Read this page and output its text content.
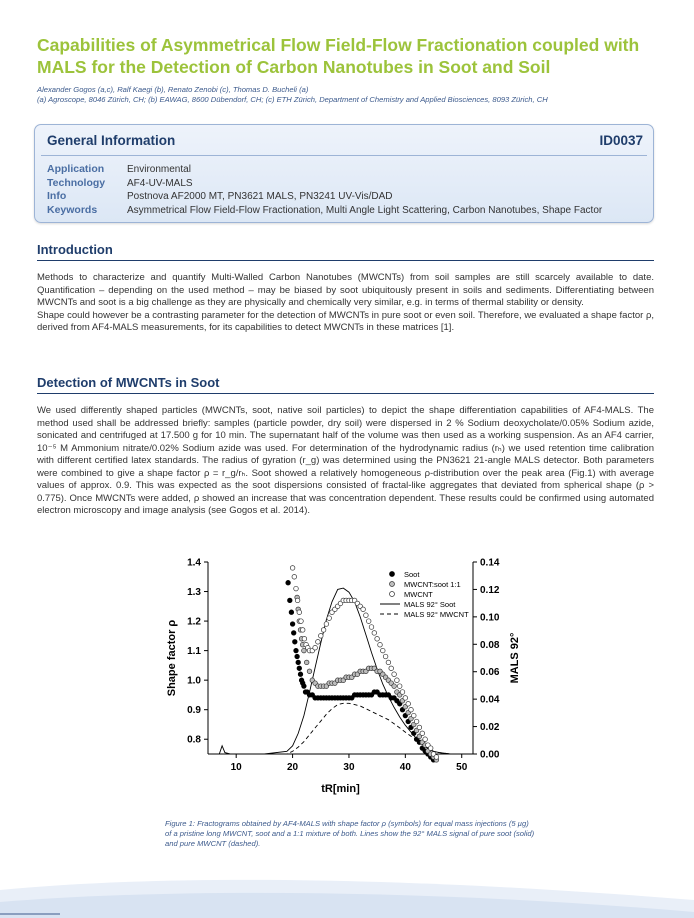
Capabilities of Asymmetrical Flow Field-Flow Fractionation coupled with MALS for the Detection of Carbon Nanotubes in Soot and Soil
Alexander Gogos (a,c), Ralf Kaegi (b), Renato Zenobi (c), Thomas D. Bucheli (a)
(a) Agroscope, 8046 Zürich, CH; (b) EAWAG, 8600 Dübendorf, CH; (c) ETH Zürich, Department of Chemistry and Applied Biosciences, 8093 Zürich, CH
General Information	ID0037
Application Environmental
Technology AF4-UV-MALS
Info	Postnova AF2000 MT, PN3621 MALS, PN3241 UV-Vis/DAD
Keywords	Asymmetrical Flow Field-Flow Fractionation, Multi Angle Light Scattering, Carbon Nanotubes, Shape Factor
Introduction

Methods to characterize and quantify Multi-Walled Carbon Nanotubes (MWCNTs) from soil samples are still scarcely available to date. Quantification – depending on the used method – may be biased by soot ubiquitously present in soils and sediments. Differentiating between MWCNTs and soot is a big challenge as they are physically and chemically very similar, e.g. in terms of thermal stability or density.

Shape could however be a contrasting parameter for the detection of MWCNTs in pure soot or even soil. Therefore, we evaluated a shape factor ρ, derived from AF4-MALS measurements, for its capabilities to detect MWCNTs in these matrices [1].

Detection of MWCNTs in Soot

We used differently shaped particles (MWCNTs, soot, native soil particles) to depict the shape differentiation capabilities of AF4-MALS. The method used shall be addressed briefly: samples (particle powder, dry soil) were dispersed in 2 % Sodium deoxycholate/0.05% Sodium azide, sonicated and centrifuged at 17.500 g for 10 min. The supernatant half of the volume was then used as a working suspension. As an AF4 carrier, 10⁻⁵ M Ammonium nitrate/0.02% Sodium azide was used. For determination of the hydrodynamic radius (rₕ) we used retention time calibration with different certified latex standards. The radius of gyration (r_g) was determined using the PN3621 21-angle MALS detector. Both parameters were combined to give a shape factor ρ = r_g/rₕ. Soot showed a relatively homogeneous ρ-distribution over the peak area (Fig.1) with average values of approx. 0.9. This was expected as the soot dispersions consisted of fractal-like aggregates that deviated from spherical shape (ρ > 0.775). Once MWCNTs were added, ρ showed an increase that was concentration dependent. These results could be confirmed using automated electron microscopy and image analysis (see Gogos et al. 2014).

10	20	30	40	50
0.8
0.9
1.0
1.1
1.2
1.3
1.4
0.00
0.02
0.04
0.06
0.08
0.10
0.12
0.14
tR[min]
Shape factor ρ	MALS 92°
Soot
MWCNT:soot 1:1
MWCNT
MALS 92° Soot
MALS 92° MWCNT
Figure 1: Fractograms obtained by AF4-MALS with shape factor ρ (symbols) for equal mass injections (5 µg) of a pristine long MWCNT, soot and a 1:1 mixture of both. Lines show the 92° MALS signal of pure soot (solid) and pure MWCNT (dashed).
